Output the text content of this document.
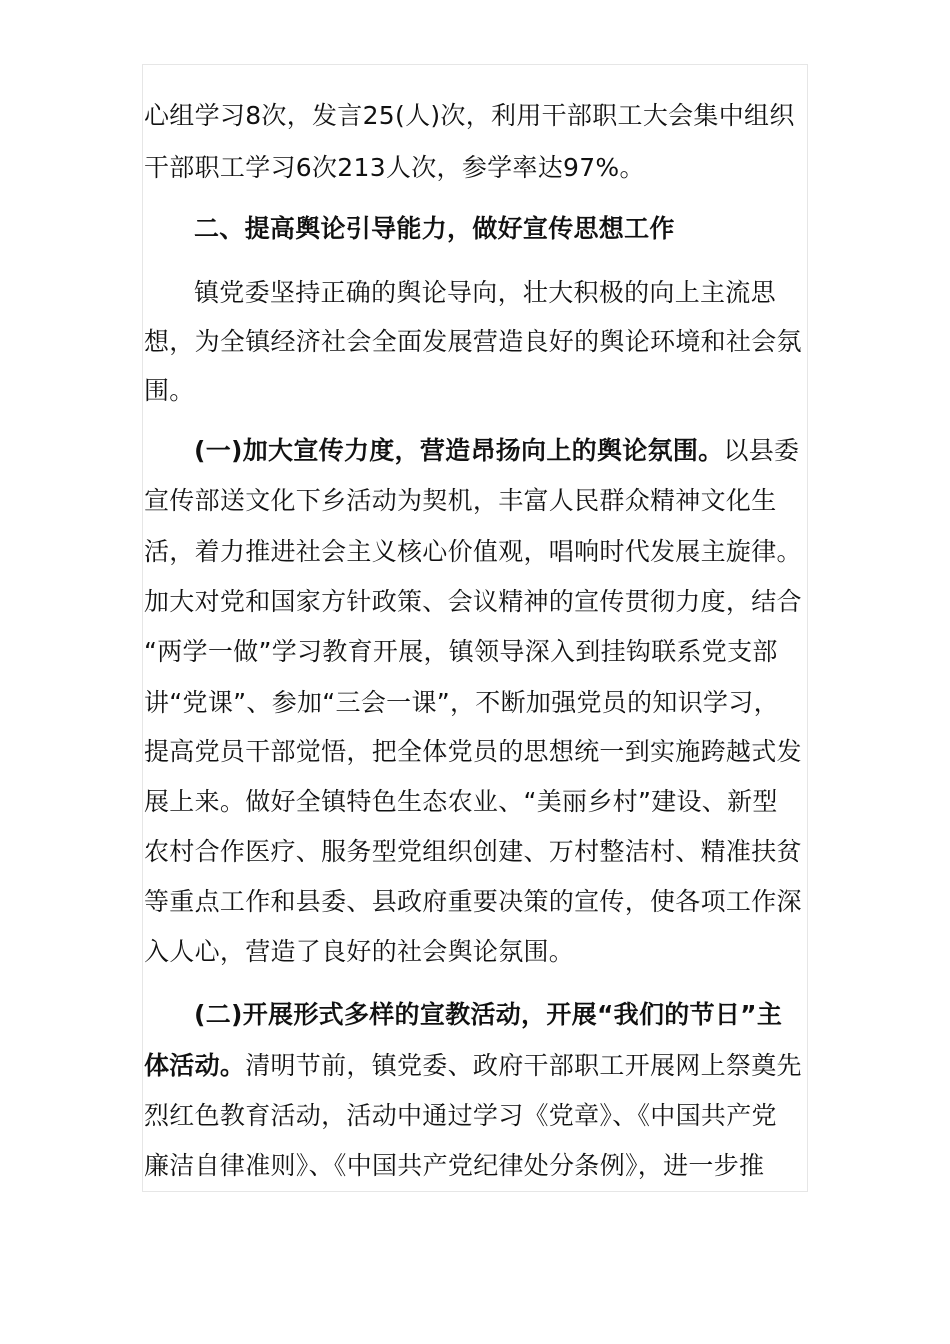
心组学习8次，发言25(人)次，利用干部职工大会集中组织
干部职工学习6次213人次，参学率达97%。
二、提高舆论引导能力，做好宣传思想工作
镇党委坚持正确的舆论导向，壮大积极的向上主流思
想，为全镇经济社会全面发展营造良好的舆论环境和社会氛
围。
(一)加大宣传力度，营造昂扬向上的舆论氛围。以县委
宣传部送文化下乡活动为契机，丰富人民群众精神文化生
活，着力推进社会主义核心价值观，唱响时代发展主旋律。
加大对党和国家方针政策、会议精神的宣传贯彻力度，结合
“两学一做”学习教育开展，镇领导深入到挂钩联系党支部
讲“党课”、参加“三会一课”，不断加强党员的知识学习，
提高党员干部觉悟，把全体党员的思想统一到实施跨越式发
展上来。做好全镇特色生态农业、“美丽乡村”建设、新型
农村合作医疗、服务型党组织创建、万村整洁村、精准扶贫
等重点工作和县委、县政府重要决策的宣传，使各项工作深
入人心，营造了良好的社会舆论氛围。
(二)开展形式多样的宣教活动，开展“我们的节日”主
体活动。清明节前，镇党委、政府干部职工开展网上祭奠先
烈红色教育活动，活动中通过学习《党章》、《中国共产党
廉洁自律准则》、《中国共产党纪律处分条例》，进一步推
